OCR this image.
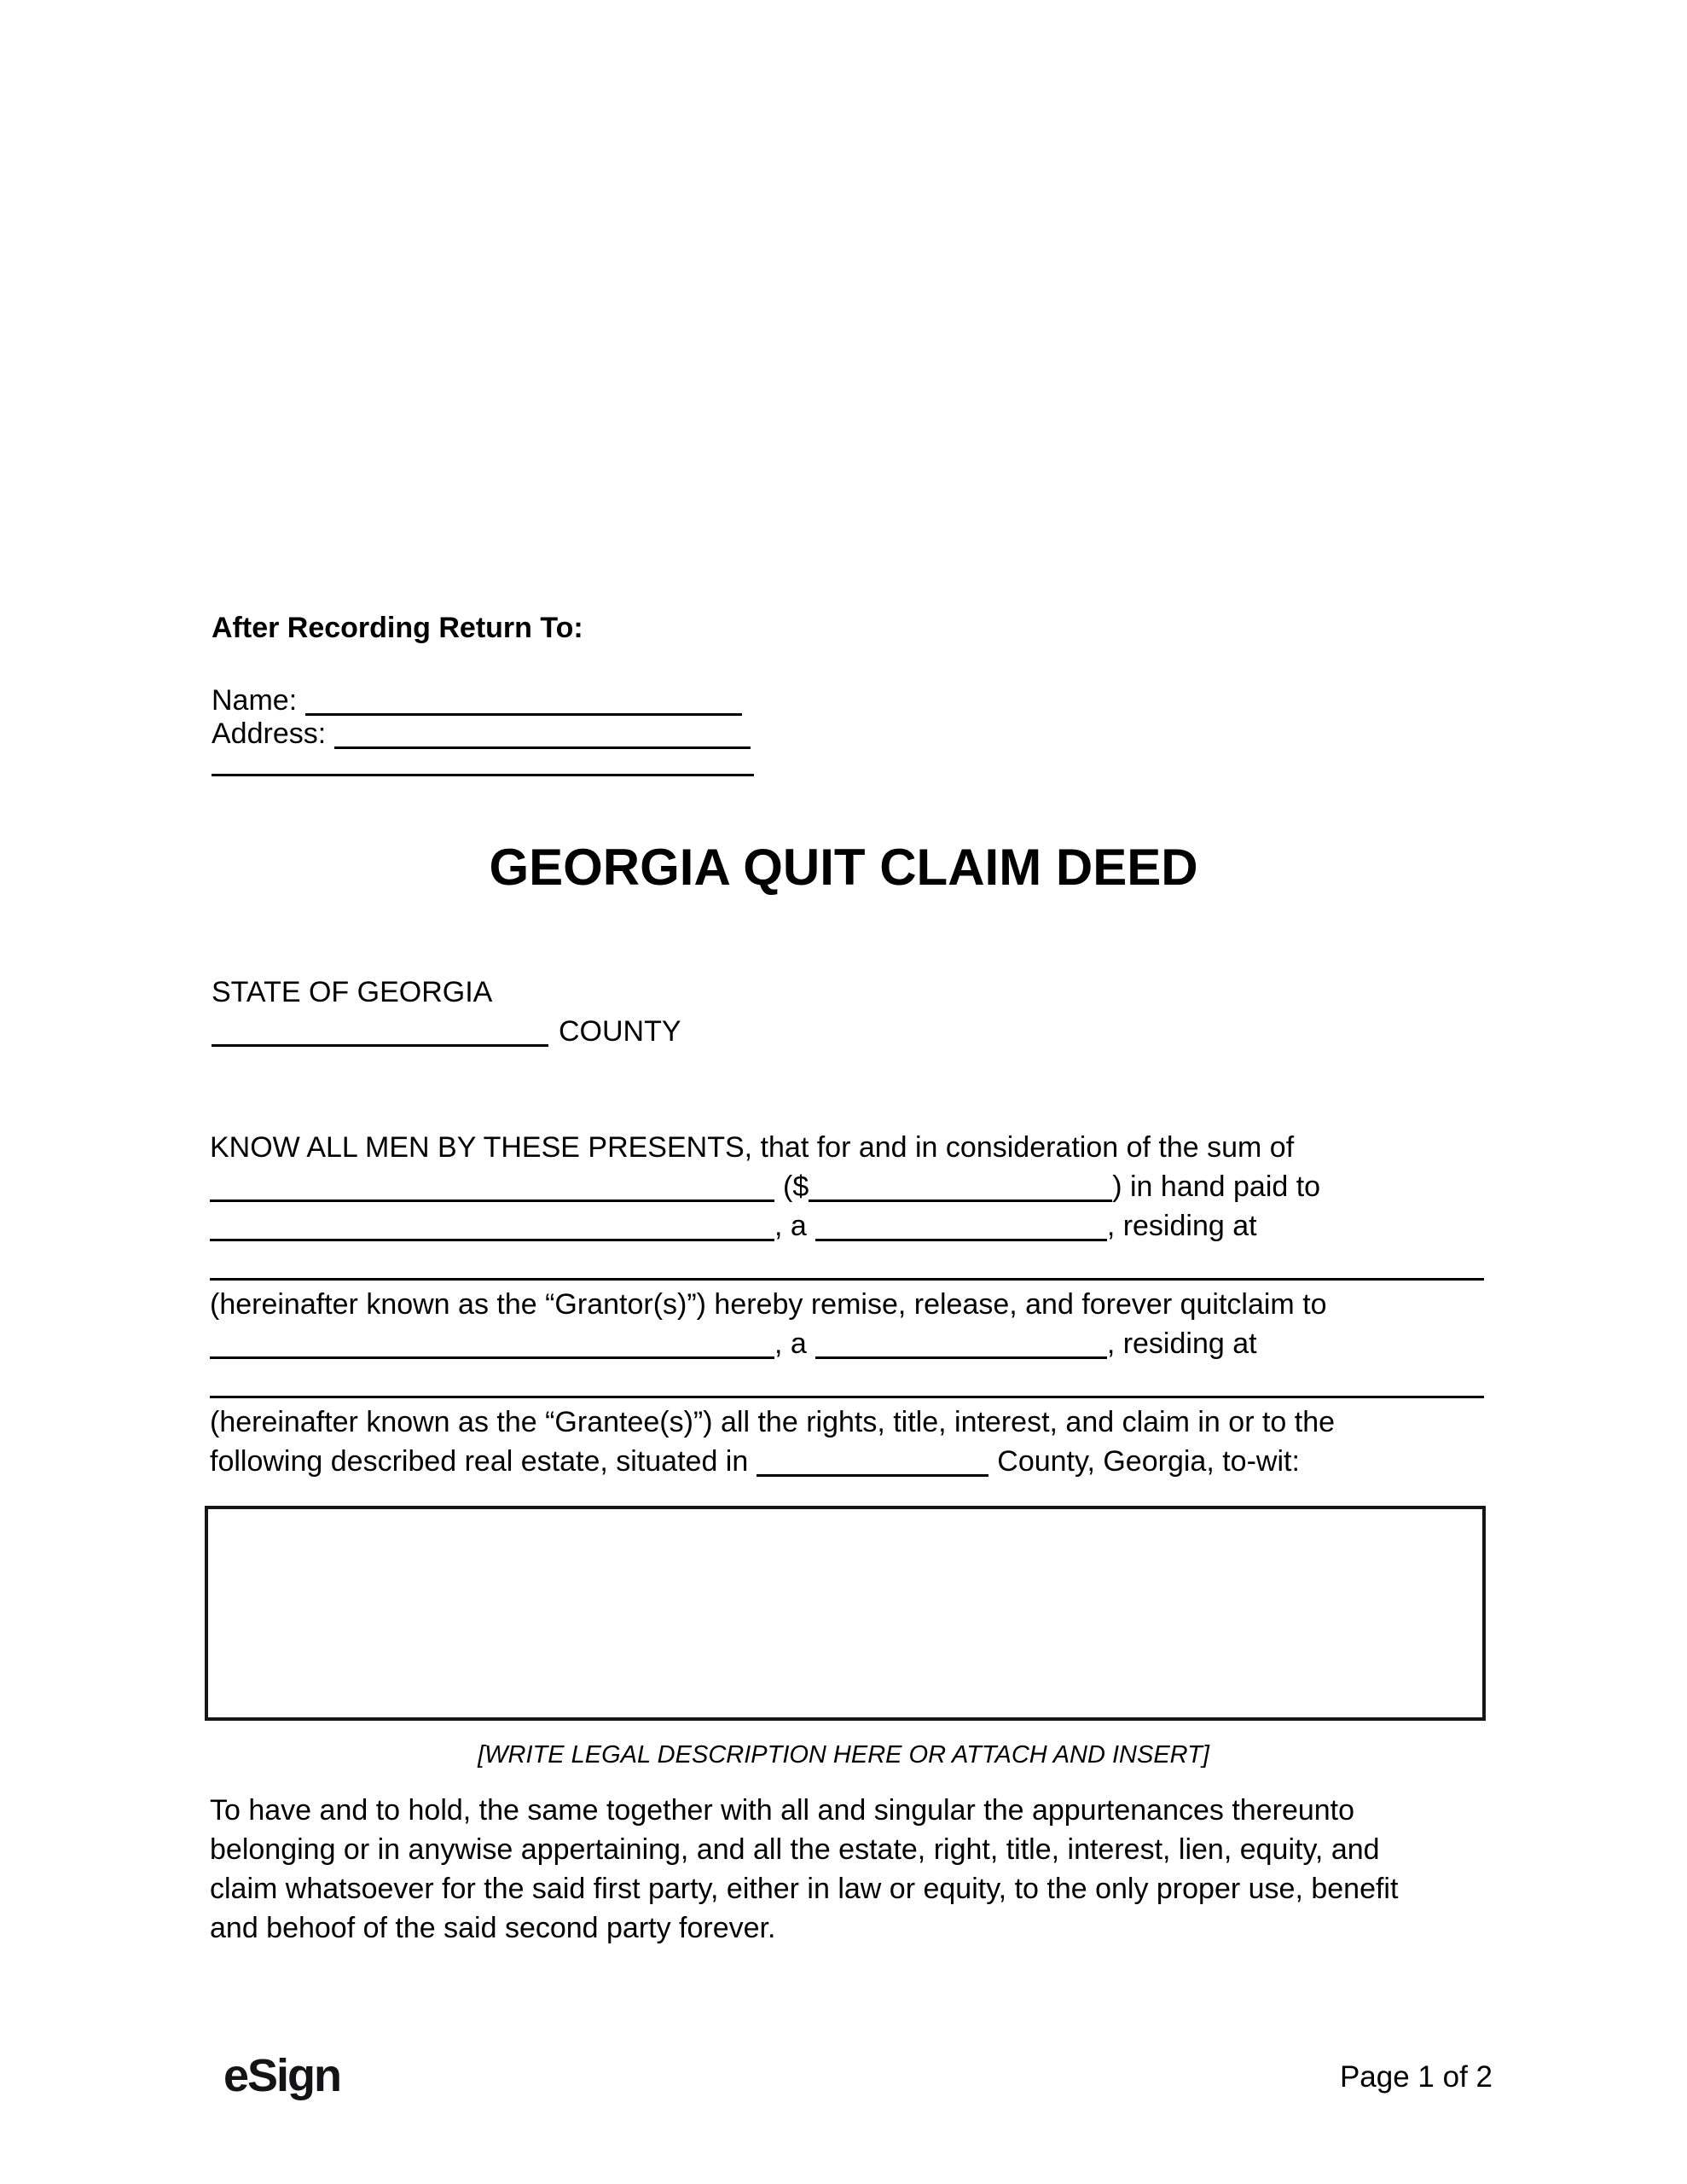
After Recording Return To:
Name:
Address:
GEORGIA QUIT CLAIM DEED
STATE OF GEORGIA
COUNTY
KNOW ALL MEN BY THESE PRESENTS, that for and in consideration of the sum of
($	) in hand paid to
, a	, residing at
(hereinafter known as the “Grantor(s)”) hereby remise, release, and forever quitclaim to
, a	, residing at
(hereinafter known as the “Grantee(s)”) all the rights, title, interest, and claim in or to the
following described real estate, situated in	County, Georgia, to-wit:
[WRITE LEGAL DESCRIPTION HERE OR ATTACH AND INSERT]
To have and to hold, the same together with all and singular the appurtenances thereunto
belonging or in anywise appertaining, and all the estate, right, title, interest, lien, equity, and
claim whatsoever for the said first party, either in law or equity, to the only proper use, benefit
and behoof of the said second party forever.
eSign	Page 1 of 2
